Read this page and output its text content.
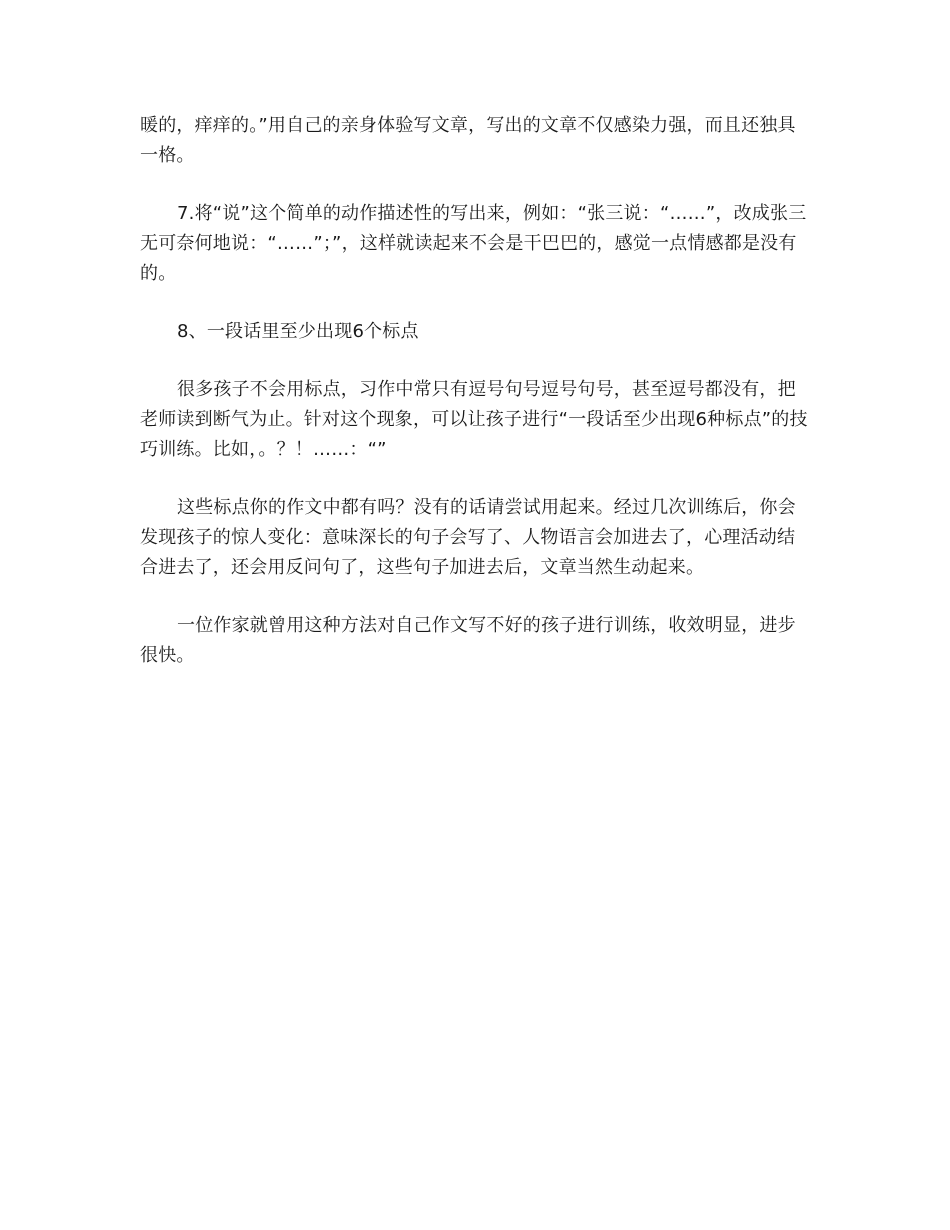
暖的，痒痒的。”用自己的亲身体验写文章，写出的文章不仅感染力强，而且还独具一格。

7.将“说”这个简单的动作描述性的写出来，例如：“张三说：“……”，改成张三无可奈何地说：“……”；”，这样就读起来不会是干巴巴的，感觉一点情感都是没有的。

8、一段话里至少出现6个标点

很多孩子不会用标点，习作中常只有逗号句号逗号句号，甚至逗号都没有，把老师读到断气为止。针对这个现象，可以让孩子进行“一段话至少出现6种标点”的技巧训练。比如，。？！……：“”

这些标点你的作文中都有吗？没有的话请尝试用起来。经过几次训练后，你会发现孩子的惊人变化：意味深长的句子会写了、人物语言会加进去了，心理活动结合进去了，还会用反问句了，这些句子加进去后，文章当然生动起来。

一位作家就曾用这种方法对自己作文写不好的孩子进行训练，收效明显，进步很快。
